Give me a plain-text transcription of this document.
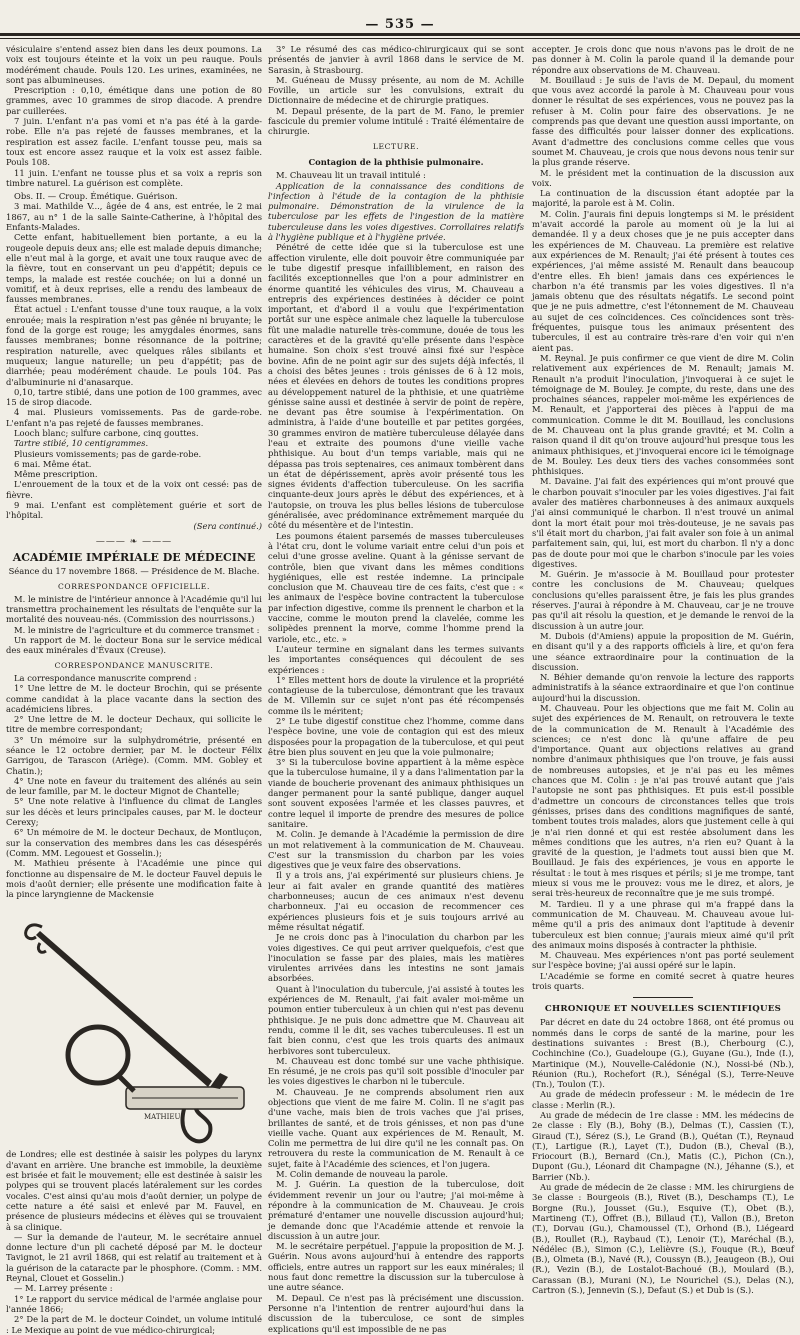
— 535 —

vésiculaire s'entend assez bien dans les deux poumons. La voix est toujours éteinte et la voix un peu rauque. Pouls modérément chaude. Pouls 120. Les urines, examinées, ne sont pas albumineuses.

Prescription : 0,10, émétique dans une potion de 80 grammes, avec 10 grammes de sirop diacode. A prendre par cuillerées.

7 juin. L'enfant n'a pas vomi et n'a pas été à la garde-robe. Elle n'a pas rejeté de fausses membranes, et la respiration est assez facile. L'enfant tousse peu, mais sa toux est encore assez rauque et la voix est assez faible. Pouls 108.

11 juin. L'enfant ne tousse plus et sa voix a repris son timbre naturel. La guérison est complète.

Obs. II. — Croup. Émétique. Guérison.

3 mai. Mathilde V..., âgée de 4 ans, est entrée, le 2 mai 1867, au n° 1 de la salle Sainte-Catherine, à l'hôpital des Enfants-Malades.

Cette enfant, habituellement bien portante, a eu la rougeole depuis deux ans; elle est malade depuis dimanche; elle n'eut mal à la gorge, et avait une toux rauque avec de la fièvre, tout en conservant un peu d'appétit; depuis ce temps, la malade est restée couchée; on lui a donné un vomitif, et à deux reprises, elle a rendu des lambeaux de fausses membranes.

État actuel : L'enfant tousse d'une toux rauque, a la voix enrouée; mais la respiration n'est pas gênée ni bruyante; le fond de la gorge est rouge; les amygdales énormes, sans fausses membranes; bonne résonnance de la poitrine; respiration naturelle, avec quelques râles sibilants et muqueux; langue naturelle; un peu d'appétit; pas de diarrhée; peau modérément chaude. Le pouls 104. Pas d'albuminurie ni d'anasarque.

0,10, tartre stibié, dans une potion de 100 grammes, avec 15 de sirop diacode.

4 mai. Plusieurs vomissements. Pas de garde-robe. L'enfant n'a pas rejeté de fausses membranes.

Looch blanc; sulfure carbone, cinq gouttes.

Tartre stibié, 10 centigrammes.

Plusieurs vomissements; pas de garde-robe.

6 mai. Même état.

Même prescription.

L'enrouement de la toux et de la voix ont cessé: pas de fièvre.

9 mai. L'enfant est complètement guérie et sort de l'hôpital.

(Sera continué.)

——— ❧ ———
ACADÉMIE IMPÉRIALE DE MÉDECINE
Séance du 17 novembre 1868. — Présidence de M. Blache.
CORRESPONDANCE OFFICIELLE.

M. le ministre de l'intérieur annonce à l'Académie qu'il lui transmettra prochainement les résultats de l'enquête sur la mortalité des nouveau-nés. (Commission des nourrissons.)

M. le ministre de l'agriculture et du commerce transmet :

Un rapport de M. le docteur Bona sur le service médical des eaux minérales d'Évaux (Creuse).

CORRESPONDANCE MANUSCRITE.

La correspondance manuscrite comprend :

1° Une lettre de M. le docteur Brochin, qui se présente comme candidat à la place vacante dans la section des académiciens libres.

2° Une lettre de M. le docteur Dechaux, qui sollicite le titre de membre correspondant;

3° Un mémoire sur la sulphydrométrie, présenté en séance le 12 octobre dernier, par M. le docteur Félix Garrigou, de Tarascon (Ariège). (Comm. MM. Gobley et Chatin.);

4° Une note en faveur du traitement des aliénés au sein de leur famille, par M. le docteur Mignot de Chantelle;

5° Une note relative à l'influence du climat de Langles sur les décès et leurs principales causes, par M. le docteur Cerexy;

6° Un mémoire de M. le docteur Dechaux, de Montluçon, sur la conservation des membres dans les cas désespérés (Comm. MM. Legouest et Gosselin.);

M. Mathieu présente à l'Académie une pince qui fonctionne au dispensaire de M. le docteur Fauvel depuis le mois d'août dernier; elle présente une modification faite à la pince laryngienne de Mackensie

MATHIEU

de Londres; elle est destinée à saisir les polypes du larynx d'avant en arrière. Une branche est immobile, la deuxième est brisée et fait le mouvement; elle est destinée à saisir les polypes qui se trouvent placés latéralement sur les cordes vocales. C'est ainsi qu'au mois d'août dernier, un polype de cette nature a été saisi et enlevé par M. Fauvel, en présence de plusieurs médecins et élèves qui se trouvaient à sa clinique.

— Sur la demande de l'auteur, M. le secrétaire annuel donne lecture d'un pli cacheté déposé par M. le docteur Tavignot, le 21 avril 1868, qui est relatif au traitement et à la guérison de la cataracte par le phosphore. (Comm. : MM. Reynal, Clouet et Gosselin.)

— M. Larrey présente :

1° Le rapport du service médical de l'armée anglaise pour l'année 1866;

2° De la part de M. le docteur Coindet, un volume intitulé : Le Mexique au point de vue médico-chirurgical;

3° Le résumé des cas médico-chirurgicaux qui se sont présentés de janvier à avril 1868 dans le service de M. Sarasin, à Strasbourg.

M. Guéneau de Mussy présente, au nom de M. Achille Foville, un article sur les convulsions, extrait du Dictionnaire de médecine et de chirurgie pratiques.

M. Depaul présente, de la part de M. Fano, le premier fascicule du premier volume intitulé : Traité élémentaire de chirurgie.

LECTURE.
Contagion de la phthisie pulmonaire.

M. Chauveau lit un travail intitulé :

Application de la connaissance des conditions de l'infection à l'étude de la contagion de la phthisie pulmonaire. Démonstration de la virulence de la tuberculose par les effets de l'ingestion de la matière tuberculeuse dans les voies digestives. Corrollaires relatifs à l'hygiène publique et à l'hygiène privée.

Pénétré de cette idée que si la tuberculose est une affection virulente, elle doit pouvoir être communiquée par le tube digestif presque infailliblement, en raison des facilités exceptionnelles que l'on a pour administrer en énorme quantité les véhicules des virus, M. Chauveau a entrepris des expériences destinées à décider ce point important, et d'abord il a voulu que l'expérimentation portât sur une espèce animale chez laquelle la tuberculose fût une maladie naturelle très-commune, douée de tous les caractères et de la gravité qu'elle présente dans l'espèce humaine. Son choix s'est trouvé ainsi fixé sur l'espèce bovine. Afin de ne point agir sur des sujets déjà infectés, il a choisi des bêtes jeunes : trois génisses de 6 à 12 mois, nées et élevées en dehors de toutes les conditions propres au développement naturel de la phthisie, et une quatrième génisse saine aussi et destinée à servir de point de repère, ne devant pas être soumise à l'expérimentation. On administra, à l'aide d'une bouteille et par petites gorgées, 30 grammes environ de matière tuberculeuse délayée dans l'eau et extraite des poumons d'une vieille vache phthisique. Au bout d'un temps variable, mais qui ne dépassa pas trois septenaires, ces animaux tombèrent dans un état de dépérissement, après avoir présenté tous les signes évidents d'affection tuberculeuse. On les sacrifia cinquante-deux jours après le début des expériences, et à l'autopsie, on trouva les plus belles lésions de tuberculose généralisée, avec prédominance extrêmement marquée du côté du mésentère et de l'intestin.

Les poumons étaient parsemés de masses tuberculeuses à l'état cru, dont le volume variait entre celui d'un pois et celui d'une grosse aveline. Quant à la génisse servant de contrôle, bien que vivant dans les mêmes conditions hygiéniques, elle est restée indemne. La principale conclusion que M. Chauveau tire de ces faits, c'est que : « les animaux de l'espèce bovine contractent la tuberculose par infection digestive, comme ils prennent le charbon et la vaccine, comme le mouton prend la clavelée, comme les solipèdes prennent la morve, comme l'homme prend la variole, etc., etc. »

L'auteur termine en signalant dans les termes suivants les importantes conséquences qui découlent de ses expériences :

1° Elles mettent hors de doute la virulence et la propriété contagieuse de la tuberculose, démontrant que les travaux de M. Villemin sur ce sujet n'ont pas été récompensés comme ils le méritent;

2° Le tube digestif constitue chez l'homme, comme dans l'espèce bovine, une voie de contagion qui est des mieux disposées pour la propagation de la tuberculose, et qui peut être bien plus souvent en jeu que la voie pulmonaire;

3° Si la tuberculose bovine appartient à la même espèce que la tuberculose humaine, il y a dans l'alimentation par la viande de boucherie provenant des animaux phthisiques un danger permanent pour la santé publique, danger auquel sont souvent exposées l'armée et les classes pauvres, et contre lequel il importe de prendre des mesures de police sanitaire.

M. Colin. Je demande à l'Académie la permission de dire un mot relativement à la communication de M. Chauveau. C'est sur la transmission du charbon par les voies digestives que je veux faire des observations.

Il y a trois ans, j'ai expérimenté sur plusieurs chiens. Je leur ai fait avaler en grande quantité des matières charbonneuses; aucun de ces animaux n'est devenu charbonneux. J'ai eu occasion de recommencer ces expériences plusieurs fois et je suis toujours arrivé au même résultat négatif.

Je ne crois donc pas à l'inoculation du charbon par les voies digestives. Ce qui peut arriver quelquefois, c'est que l'inoculation se fasse par des plaies, mais les matières virulentes arrivées dans les intestins ne sont jamais absorbées.

Quant à l'inoculation du tubercule, j'ai assisté à toutes les expériences de M. Renault, j'ai fait avaler moi-même un poumon entier tuberculeux à un chien qui n'est pas devenu phthisique. Je ne puis donc admettre que M. Chauveau ait rendu, comme il le dit, ses vaches tuberculeuses. Il est un fait bien connu, c'est que les trois quarts des animaux herbivores sont tuberculeux.

M. Chauveau est donc tombé sur une vache phthisique. En résumé, je ne crois pas qu'il soit possible d'inoculer par les voies digestives le charbon ni le tubercule.

M. Chauveau. Je ne comprends absolument rien aux objections que vient de me faire M. Colin. Il ne s'agit pas d'une vache, mais bien de trois vaches que j'ai prises, brillantes de santé, et de trois génisses, et non pas d'une vieille vache. Quant aux expériences de M. Renault, M. Colin me permettra de lui dire qu'il ne les connaît pas. On retrouvera du reste la communication de M. Renault à ce sujet, faite à l'Académie des sciences, et l'on jugera.

M. Colin demande de nouveau la parole.

M. J. Guérin. La question de la tuberculose, doit évidemment revenir un jour ou l'autre; j'ai moi-même à répondre à la communication de M. Chauveau. Je crois prématuré d'entamer une nouvelle discussion aujourd'hui; je demande donc que l'Académie attende et renvoie la discussion à un autre jour.

M. le secrétaire perpétuel. J'appuie la proposition de M. J. Guérin. Nous avons aujourd'hui à entendre des rapports officiels, entre autres un rapport sur les eaux minérales; il nous faut donc remettre la discussion sur la tuberculose à une autre séance.

M. Depaul. Ce n'est pas là précisément une discussion. Personne n'a l'intention de rentrer aujourd'hui dans la discussion de la tuberculose, ce sont de simples explications qu'il est impossible de ne pas

accepter. Je crois donc que nous n'avons pas le droit de ne pas donner à M. Colin la parole quand il la demande pour répondre aux observations de M. Chauveau.

M. Bouillaud : Je suis de l'avis de M. Depaul, du moment que vous avez accordé la parole à M. Chauveau pour vous donner le résultat de ses expériences, vous ne pouvez pas la refuser à M. Colin pour faire des observations. Je ne comprends pas que devant une question aussi importante, on fasse des difficultés pour laisser donner des explications. Avant d'admettre des conclusions comme celles que vous soumet M. Chauveau, je crois que nous devons nous tenir sur la plus grande réserve.

M. le président met la continuation de la discussion aux voix.

La continuation de la discussion étant adoptée par la majorité, la parole est à M. Colin.

M. Colin. J'aurais fini depuis longtemps si M. le président m'avait accordé la parole au moment où je la lui ai demandée. Il y a deux choses que je ne puis accepter dans les expériences de M. Chauveau. La première est relative aux expériences de M. Renault; j'ai été présent à toutes ces expériences, j'ai même assisté M. Renault dans beaucoup d'entre elles. Eh bien! jamais dans ces expériences le charbon n'a été transmis par les voies digestives. Il n'a jamais obtenu que des résultats négatifs. Le second point que je ne puis admettre, c'est l'étonnement de M. Chauveau au sujet de ces coïncidences. Ces coïncidences sont très-fréquentes, puisque tous les animaux présentent des tubercules, il est au contraire très-rare d'en voir qui n'en aient pas.

M. Reynal. Je puis confirmer ce que vient de dire M. Colin relativement aux expériences de M. Renault; jamais M. Renault n'a produit l'inoculation, j'invoquerai à ce sujet le témoignage de M. Bouley. Je compte, du reste, dans une des prochaines séances, rappeler moi-même les expériences de M. Renault, et j'apporterai des pièces à l'appui de ma communication. Comme le dit M. Bouillaud, les conclusions de M. Chauveau ont la plus grande gravité; et M. Colin a raison quand il dit qu'on trouve aujourd'hui presque tous les animaux phthisiques, et j'invoquerai encore ici le témoignage de M. Bouley. Les deux tiers des vaches consommées sont phthisiques.

M. Davaine. J'ai fait des expériences qui m'ont prouvé que le charbon pouvait s'inoculer par les voies digestives. J'ai fait avaler des matières charbonneuses à des animaux auxquels j'ai ainsi communiqué le charbon. Il n'est trouvé un animal dont la mort était pour moi très-douteuse, je ne savais pas s'il était mort du charbon, j'ai fait avaler son foie à un animal parfaitement sain, qui, lui, est mort du charbon. Il n'y a donc pas de doute pour moi que le charbon s'inocule par les voies digestives.

M. Guérin. Je m'associe à M. Bouillaud pour protester contre les conclusions de M. Chauveau; quelques conclusions qu'elles paraissent être, je fais les plus grandes réserves. J'aurai à répondre à M. Chauveau, car je ne trouve pas qu'il ait résolu la question, et je demande le renvoi de la discussion à un autre jour.

M. Dubois (d'Amiens) appuie la proposition de M. Guérin, en disant qu'il y a des rapports officiels à lire, et qu'on fera une séance extraordinaire pour la continuation de la discussion.

N. Béhier demande qu'on renvoie la lecture des rapports administratifs à la séance extraordinaire et que l'on continue aujourd'hui la discussion.

M. Chauveau. Pour les objections que me fait M. Colin au sujet des expériences de M. Renault, on retrouvera le texte de la communication de M. Renault à l'Académie des sciences; ce n'est donc là qu'une affaire de peu d'importance. Quant aux objections relatives au grand nombre d'animaux phthisiques que l'on trouve, je fais aussi de nombreuses autopsies, et je n'ai pas eu les mêmes chances que M. Colin : je n'ai pas trouvé autant que j'ais l'autopsie ne sont pas phthisiques. Et puis est-il possible d'admettre un concours de circonstances telles que trois génisses, prises dans des conditions magnifiques de santé, tombent toutes trois malades, alors que justement celle à qui je n'ai rien donné et qui est restée absolument dans les mêmes conditions que les autres, n'a rien eu? Quant à la gravité de la question, je l'admets tout aussi bien que M. Bouillaud. Je fais des expériences, je vous en apporte le résultat : le tout à mes risques et périls; si je me trompe, tant mieux si vous me le prouvez: vous me le direz, et alors, je serai très-heureux de reconnaître que je me suis trompé.

M. Tardieu. Il y a une phrase qui m'a frappé dans la communication de M. Chauveau. M. Chauveau avoue lui-même qu'il a pris des animaux dont l'aptitude à devenir tuberculeux est bien connue; j'aurais mieux aimé qu'il prît des animaux moins disposés à contracter la phthisie.

M. Chauveau. Mes expériences n'ont pas porté seulement sur l'espèce bovine; j'ai aussi opéré sur le lapin.

L'Académie se forme en comité secret à quatre heures trois quarts.

CHRONIQUE ET NOUVELLES SCIENTIFIQUES

Par décret en date du 24 octobre 1868, ont été promus ou nommés dans le corps de santé de la marine, pour les destinations suivantes : Brest (B.), Cherbourg (C.), Cochinchine (Co.), Guadeloupe (G.), Guyane (Gu.), Inde (I.), Martinique (M.), Nouvelle-Calédonie (N.), Nossi-bé (Nb.), Réunion (Ru.), Rochefort (R.), Sénégal (S.), Terre-Neuve (Tn.), Toulon (T.).

Au grade de médecin professeur : M. le médecin de 1re classe : Merlin (R.).

Au grade de médecin de 1re classe : MM. les médecins de 2e classe : Ely (B.), Bohy (B.), Delmas (T.), Cassien (T.), Giraud (T.), Sérez (S.), Le Grand (B.), Quétan (T.), Reynaud (T.), Lartigue (R.), Layet (T.), Dudon (B.), Cheval (B.), Friocourt (B.), Bernard (Cn.), Matis (C.), Pichon (Cn.), Dupont (Gu.), Léonard dit Champagne (N.), Jéhanne (S.), et Barrier (Nb.).

Au grade de médecin de 2e classe : MM. les chirurgiens de 3e classe : Bourgeois (B.), Rivet (B.), Deschamps (T.), Le Borgne (Ru.), Jousset (Gu.), Esquive (T.), Obet (B.), Martineng (T.), Offret (B.), Billaud (T.), Vallon (B.), Breton (T.), Dorvau (Gu.), Chamoussel (T.), Orhond (B.), Liégeard (B.), Roullet (R.), Raybaud (T.), Lenoir (T.), Maréchal (B.), Nédélec (B.), Simon (C.), Lelièvre (S.), Fouque (R.), Bœuf (B.), Olmeta (B.), Navé (R.), Coussyn (B.), Jeaugeon (B.), Oui (R.), Vezin (B.), de Lostalot-Bachoué (B.), Moulard (B.), Carassan (B.), Murani (N.), Le Nourichel (S.), Delas (N.), Cartron (S.), Jennevin (S.), Defaut (S.) et Dub is (S.).
